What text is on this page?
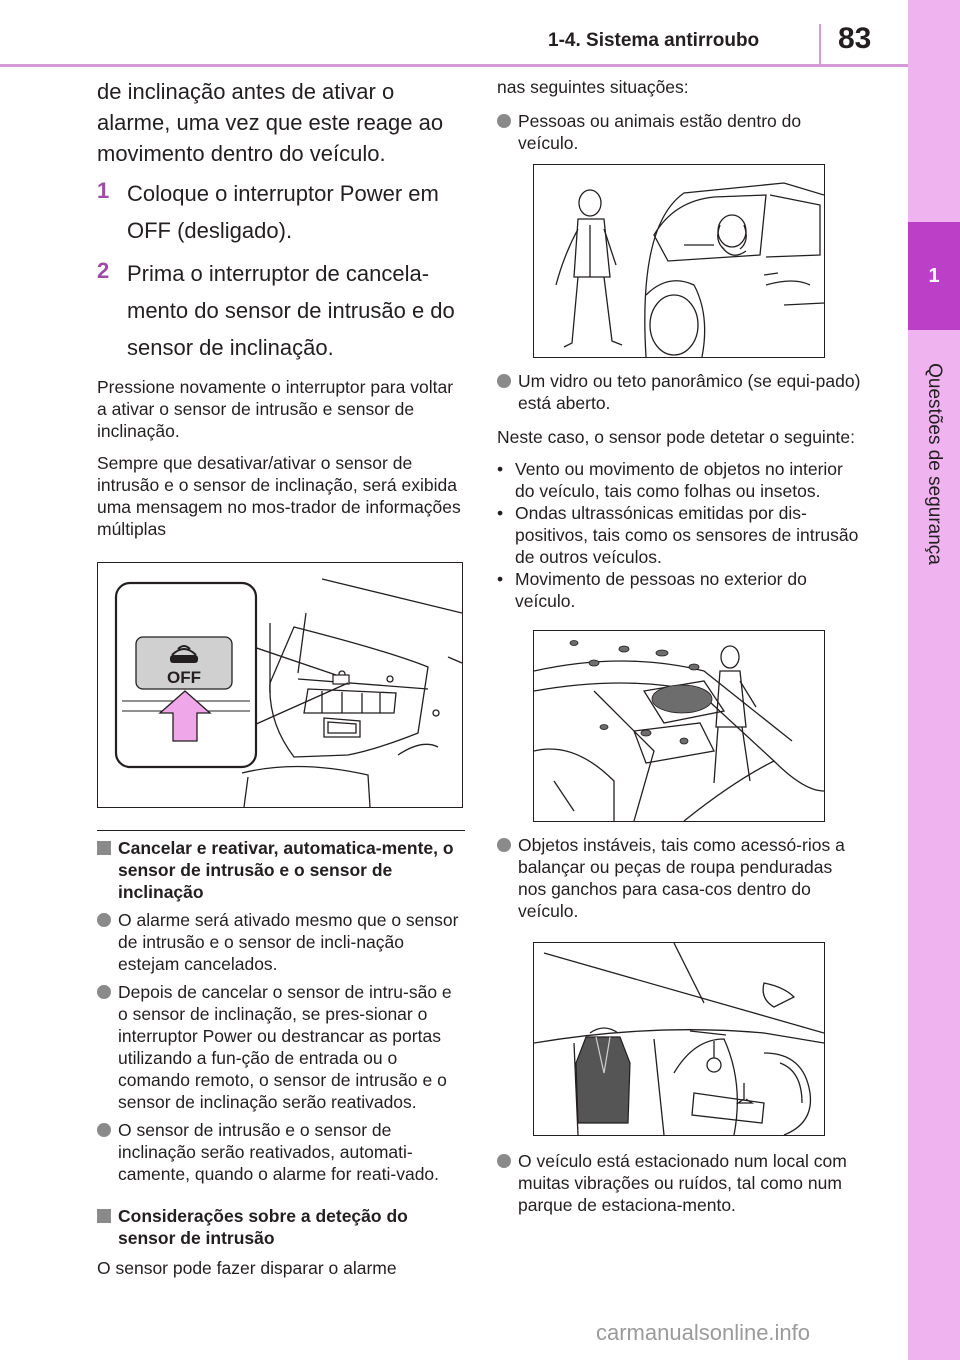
1-4. Sistema antirroubo	83
1
Questões de segurança

de inclinação antes de ativar o alarme, uma vez que este reage ao movimento dentro do veículo.

1 Coloque o interruptor Power em OFF (desligado).
2 Prima o interruptor de cancela-mento do sensor de intrusão e do sensor de inclinação.

Pressione novamente o interruptor para voltar a ativar o sensor de intrusão e sensor de inclinação.

Sempre que desativar/ativar o sensor de intrusão e o sensor de inclinação, será exibida uma mensagem no mos-trador de informações múltiplas

OFF
Cancelar e reativar, automatica-mente, o sensor de intrusão e o sensor de inclinação
O alarme será ativado mesmo que o sensor de intrusão e o sensor de incli-nação estejam cancelados.
Depois de cancelar o sensor de intru-são e o sensor de inclinação, se pres-sionar o interruptor Power ou destrancar as portas utilizando a fun-ção de entrada ou o comando remoto, o sensor de intrusão e o sensor de inclinação serão reativados.
O sensor de intrusão e o sensor de inclinação serão reativados, automati-camente, quando o alarme for reati-vado.
Considerações sobre a deteção do sensor de intrusão

O sensor pode fazer disparar o alarme

nas seguintes situações:

Pessoas ou animais estão dentro do veículo.
Um vidro ou teto panorâmico (se equi-pado) está aberto.

Neste caso, o sensor pode detetar o seguinte:

• Vento ou movimento de objetos no interior do veículo, tais como folhas ou insetos.
• Ondas ultrassónicas emitidas por dis-positivos, tais como os sensores de intrusão de outros veículos.
• Movimento de pessoas no exterior do veículo.
Objetos instáveis, tais como acessó-rios a balançar ou peças de roupa penduradas nos ganchos para casa-cos dentro do veículo.
O veículo está estacionado num local com muitas vibrações ou ruídos, tal como num parque de estaciona-mento.
carmanualsonline.info
